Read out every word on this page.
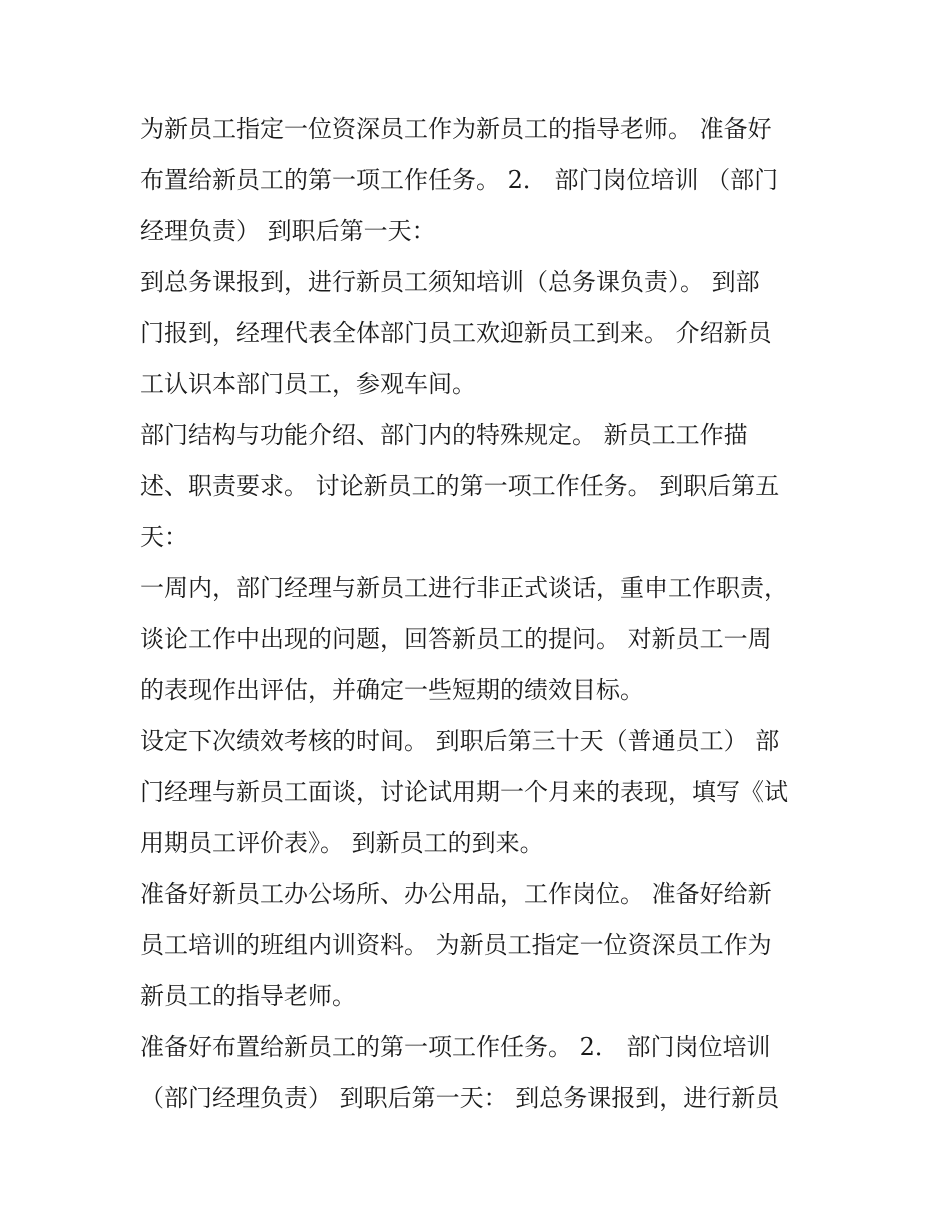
为新员工指定一位资深员工作为新员工的指导老师。 准备好
布置给新员工的第一项工作任务。 2． 部门岗位培训 （部门
经理负责） 到职后第一天：
到总务课报到，进行新员工须知培训（总务课负责）。 到部
门报到，经理代表全体部门员工欢迎新员工到来。 介绍新员
工认识本部门员工，参观车间。
部门结构与功能介绍、部门内的特殊规定。 新员工工作描
述、职责要求。 讨论新员工的第一项工作任务。 到职后第五
天：
一周内，部门经理与新员工进行非正式谈话，重申工作职责，
谈论工作中出现的问题，回答新员工的提问。 对新员工一周
的表现作出评估，并确定一些短期的绩效目标。
设定下次绩效考核的时间。 到职后第三十天（普通员工） 部
门经理与新员工面谈，讨论试用期一个月来的表现，填写《试
用期员工评价表》。 到新员工的到来。
准备好新员工办公场所、办公用品，工作岗位。 准备好给新
员工培训的班组内训资料。 为新员工指定一位资深员工作为
新员工的指导老师。
准备好布置给新员工的第一项工作任务。 2． 部门岗位培训
（部门经理负责） 到职后第一天： 到总务课报到，进行新员
